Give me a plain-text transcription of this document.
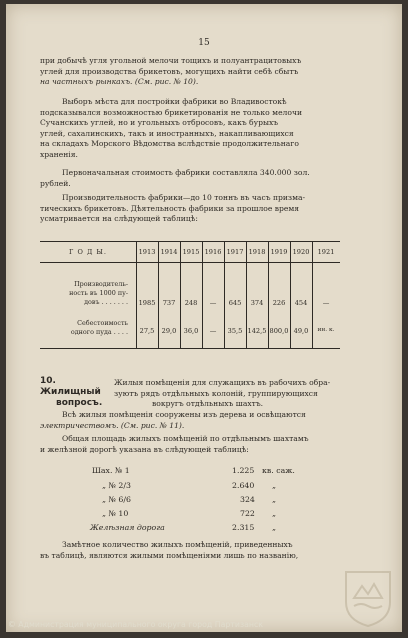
15
при добычѣ угля угольной мелочи тощихъ и полуантрацитовыхъ
углей для производства брикетовъ, могущихъ найти себѣ сбытъ
на частныхъ рынкахъ. (См. рис. № 10).
Выборъ мѣста для постройки фабрики во Владивостокѣ
подсказывался возможностью брикетированія не только мелочи
Сучанскихъ углей, но и угольныхъ отбросовъ, какъ бурыхъ
углей, сахалинскихъ, такъ и иностранныхъ, накапливающихся
на складахъ Морского Вѣдомства вслѣдствіе продолжительнаго
храненія.
Первоначальная стоимость фабрики составляла 340.000 зол.
рублей.
Производительность фабрики—до 10 тоннъ въ часъ призма-
тическихъ брикетовъ. Дѣятельность фабрики за прошлое время
усматривается на слѣдующей таблицѣ:
Г О Д Ы.	1913 1914 1915 1916 1917 1918 1919 1920	1921
Производитель-
ность въ 1000 пу-
довъ . . . . . . .	1985	737	248	—	645	374	226	454	—
Себестоимость
одного пуда . . . .	27,5	29,0	36,0	—	35,5 142,5 800,0 49,0	ин. к.
10. Жилищный
вопросъ.
Жилыя помѣщенія для служащихъ въ рабочихъ обра-
зуютъ рядъ отдѣльныхъ колоній, группирующихся
вокругъ отдѣльныхъ шахтъ.
Всѣ жилыя помѣщенія сооружены изъ дерева и освѣщаются
электричествомъ. (См. рис. № 11).
Общая площадь жилыхъ помѣщеній по отдѣльнымъ шахтамъ
и желѣзной дорогѣ указана въ слѣдующей таблицѣ:
Шах. № 1	1.225 кв. саж.
„ № 2/3	2.640 „
„ № 6/6	324 „
„ № 10	722 „
Желѣзная дорога	2.315 „
Замѣтное количество жилыхъ помѣщеній, приведенныхъ
въ таблицѣ, являются жилыми помѣщеніями лишь по названію,
© Администрация муниципального округа город Партизанск
